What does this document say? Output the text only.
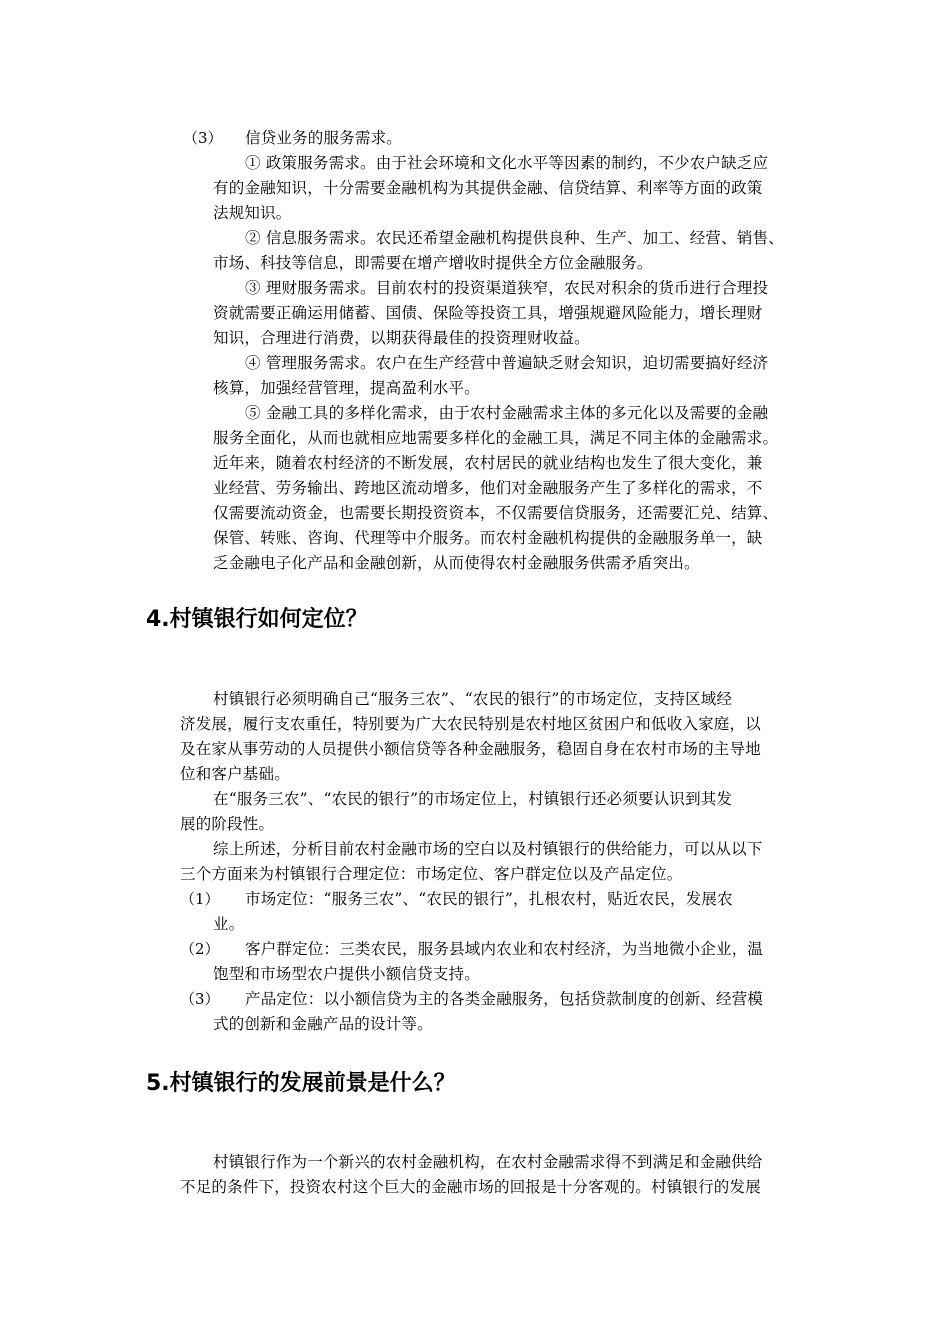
（3） 信贷业务的服务需求。
① 政策服务需求。由于社会环境和文化水平等因素的制约，不少农户缺乏应
有的金融知识，十分需要金融机构为其提供金融、信贷结算、利率等方面的政策
法规知识。
② 信息服务需求。农民还希望金融机构提供良种、生产、加工、经营、销售、
市场、科技等信息，即需要在增产增收时提供全方位金融服务。
③ 理财服务需求。目前农村的投资渠道狭窄，农民对积余的货币进行合理投
资就需要正确运用储蓄、国债、保险等投资工具，增强规避风险能力，增长理财
知识，合理进行消费，以期获得最佳的投资理财收益。
④ 管理服务需求。农户在生产经营中普遍缺乏财会知识，迫切需要搞好经济
核算，加强经营管理，提高盈利水平。
⑤ 金融工具的多样化需求，由于农村金融需求主体的多元化以及需要的金融
服务全面化，从而也就相应地需要多样化的金融工具，满足不同主体的金融需求。
近年来，随着农村经济的不断发展，农村居民的就业结构也发生了很大变化，兼
业经营、劳务输出、跨地区流动增多，他们对金融服务产生了多样化的需求，不
仅需要流动资金，也需要长期投资资本，不仅需要信贷服务，还需要汇兑、结算、
保管、转账、咨询、代理等中介服务。而农村金融机构提供的金融服务单一，缺
乏金融电子化产品和金融创新，从而使得农村金融服务供需矛盾突出。
4.村镇银行如何定位？
村镇银行必须明确自己“服务三农”、“农民的银行”的市场定位，支持区域经
济发展，履行支农重任，特别要为广大农民特别是农村地区贫困户和低收入家庭，以
及在家从事劳动的人员提供小额信贷等各种金融服务，稳固自身在农村市场的主导地
位和客户基础。
在“服务三农”、“农民的银行”的市场定位上，村镇银行还必须要认识到其发
展的阶段性。
综上所述，分析目前农村金融市场的空白以及村镇银行的供给能力，可以从以下
三个方面来为村镇银行合理定位：市场定位、客户群定位以及产品定位。
（1） 市场定位：“服务三农”、“农民的银行”，扎根农村，贴近农民，发展农
业。
（2） 客户群定位：三类农民，服务县域内农业和农村经济，为当地微小企业，温
饱型和市场型农户提供小额信贷支持。
（3） 产品定位：以小额信贷为主的各类金融服务，包括贷款制度的创新、经营模
式的创新和金融产品的设计等。
5.村镇银行的发展前景是什么？
村镇银行作为一个新兴的农村金融机构，在农村金融需求得不到满足和金融供给
不足的条件下，投资农村这个巨大的金融市场的回报是十分客观的。村镇银行的发展
